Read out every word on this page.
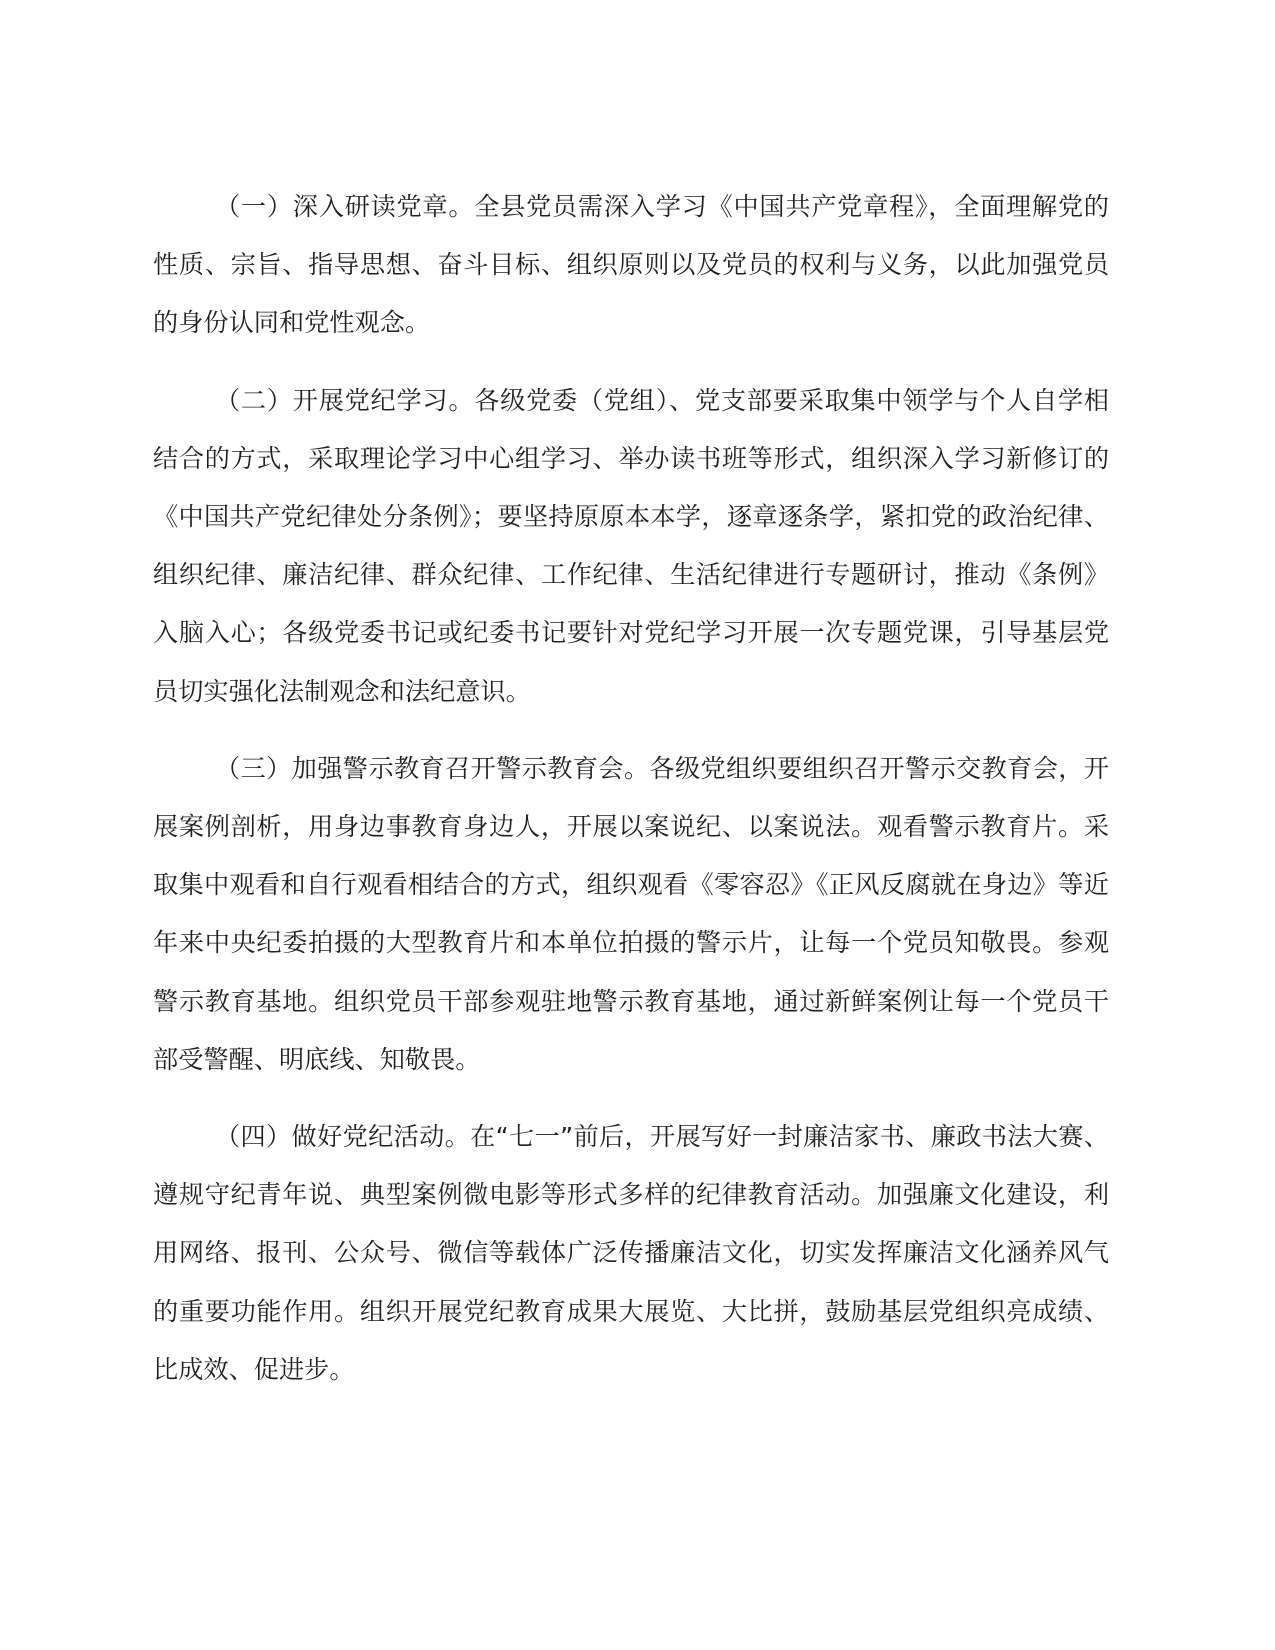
（一）深入研读党章。全县党员需深入学习《中国共产党章程》，全面理解党的性质、宗旨、指导思想、奋斗目标、组织原则以及党员的权利与义务，以此加强党员的身份认同和党性观念。

（二）开展党纪学习。各级党委（党组）、党支部要采取集中领学与个人自学相结合的方式，采取理论学习中心组学习、举办读书班等形式，组织深入学习新修订的《中国共产党纪律处分条例》；要坚持原原本本学，逐章逐条学，紧扣党的政治纪律、组织纪律、廉洁纪律、群众纪律、工作纪律、生活纪律进行专题研讨，推动《条例》入脑入心；各级党委书记或纪委书记要针对党纪学习开展一次专题党课，引导基层党员切实强化法制观念和法纪意识。

（三）加强警示教育召开警示教育会。各级党组织要组织召开警示交教育会，开展案例剖析，用身边事教育身边人，开展以案说纪、以案说法。观看警示教育片。采取集中观看和自行观看相结合的方式，组织观看《零容忍》《正风反腐就在身边》等近年来中央纪委拍摄的大型教育片和本单位拍摄的警示片，让每一个党员知敬畏。参观警示教育基地。组织党员干部参观驻地警示教育基地，通过新鲜案例让每一个党员干部受警醒、明底线、知敬畏。

（四）做好党纪活动。在“七一”前后，开展写好一封廉洁家书、廉政书法大赛、遵规守纪青年说、典型案例微电影等形式多样的纪律教育活动。加强廉文化建设，利用网络、报刊、公众号、微信等载体广泛传播廉洁文化，切实发挥廉洁文化涵养风气的重要功能作用。组织开展党纪教育成果大展览、大比拼，鼓励基层党组织亮成绩、比成效、促进步。
